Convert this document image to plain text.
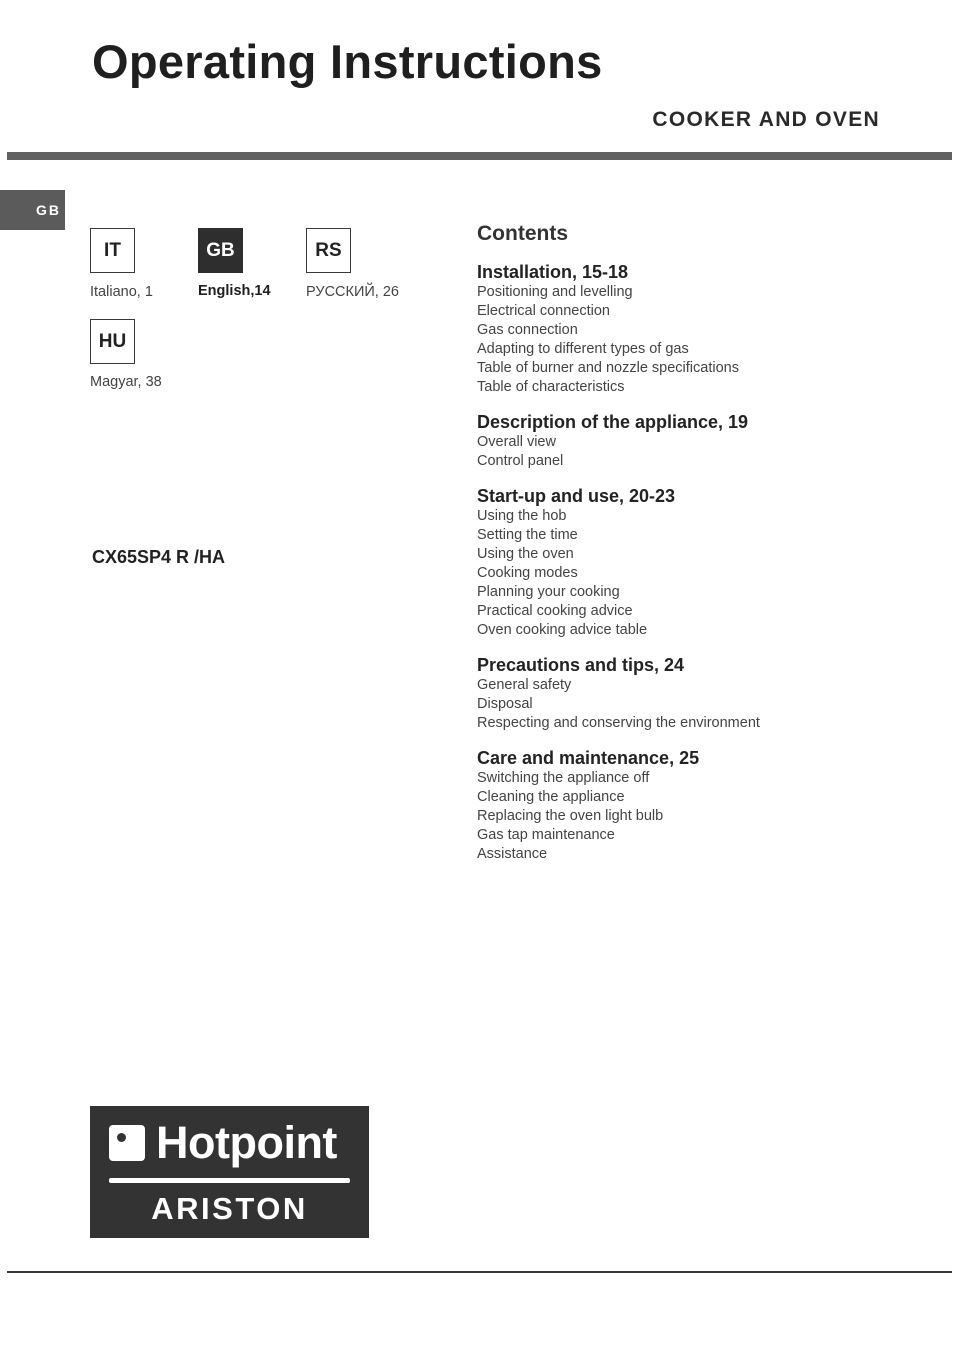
Operating Instructions
COOKER AND OVEN
GB
IT
Italiano, 1
GB
English,14
RS
РУССКИЙ, 26
HU
Magyar, 38
CX65SP4 R /HA
Contents
Installation, 15-18
Positioning and levelling
Electrical connection
Gas connection
Adapting to different types of gas
Table of burner and nozzle specifications
Table of characteristics
Description of the appliance, 19
Overall view
Control panel
Start-up and use, 20-23
Using the hob
Setting the time
Using the oven
Cooking modes
Planning your cooking
Practical cooking advice
Oven cooking advice table
Precautions and tips, 24
General safety
Disposal
Respecting and conserving the environment
Care and maintenance, 25
Switching the appliance off
Cleaning the appliance
Replacing the oven light bulb
Gas tap maintenance
Assistance
Hotpoint
ARISTON
